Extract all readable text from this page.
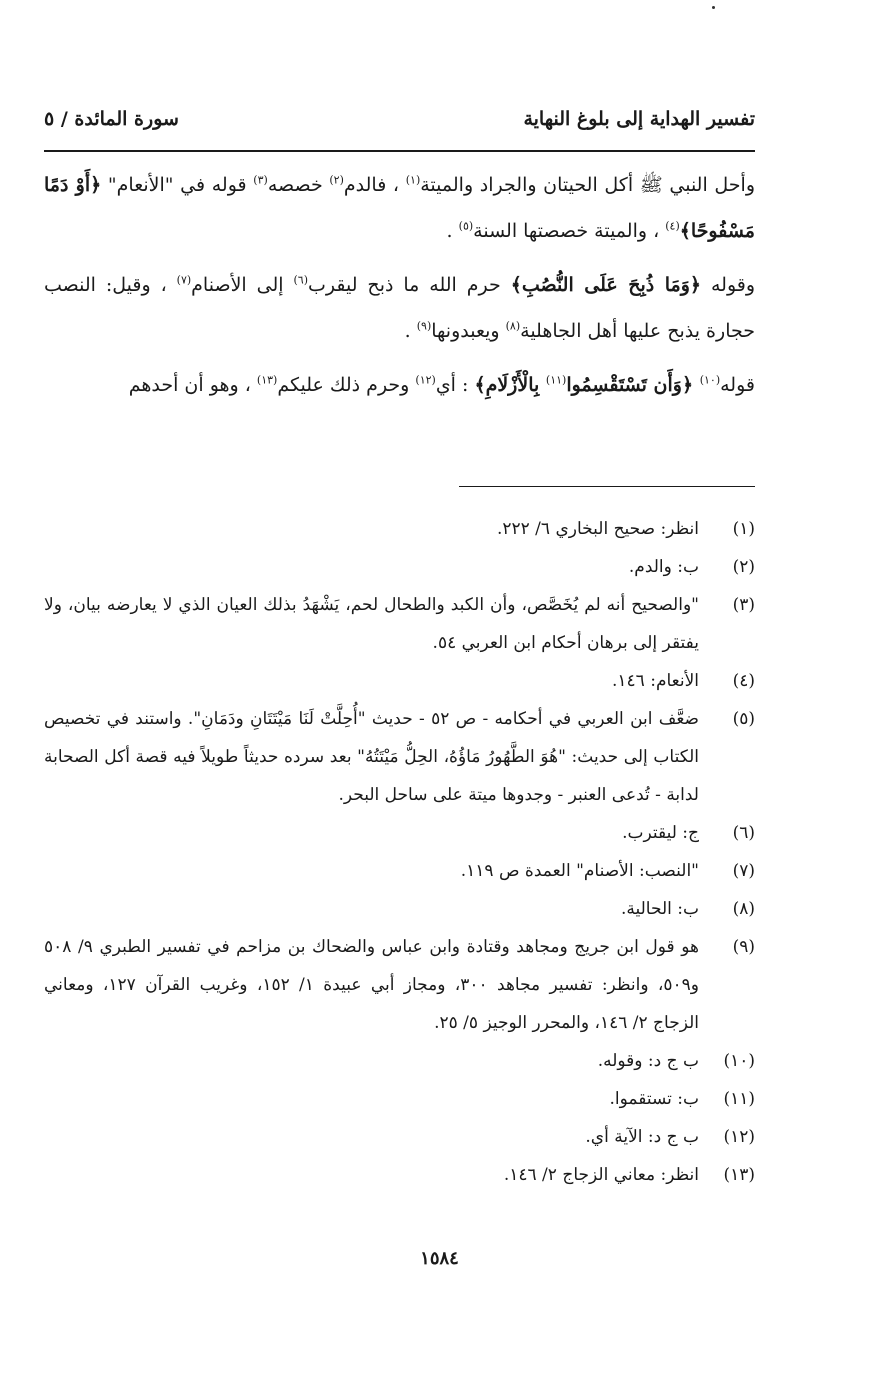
تفسير الهداية إلى بلوغ النهاية
سورة المائدة / ٥

وأحل النبي ﷺ أكل الحيتان والجراد والميتة$^{(١)}$ ، فالدم$^{(٢)}$ خصصه$^{(٣)}$ قوله في "الأنعام" ﴿أَوْ دَمًا مَسْفُوحًا﴾$^{(٤)}$ ، والميتة خصصتها السنة$^{(٥)}$ .

وقوله ﴿وَمَا ذُبِحَ عَلَى النُّصُبِ﴾ حرم الله ما ذبح ليقرب$^{(٦)}$ إلى الأصنام$^{(٧)}$ ، وقيل: النصب حجارة يذبح عليها أهل الجاهلية$^{(٨)}$ ويعبدونها$^{(٩)}$ .

قوله$^{(١٠)}$ ﴿وَأَن تَسْتَقْسِمُوا$^{(١١)}$ بِالْأَزْلَامِ﴾ : أي$^{(١٢)}$ وحرم ذلك عليكم$^{(١٣)}$ ، وهو أن أحدهم

(١)
انظر: صحيح البخاري ٦/ ٢٢٢.
(٢)
ب: والدم.
(٣)
"والصحيح أنه لم يُخَصَّص، وأن الكبد والطحال لحم، يَشْهَدُ بذلك العيان الذي لا يعارضه بيان، ولا يفتقر إلى برهان أحكام ابن العربي ٥٤.
(٤)
الأنعام: ١٤٦.
(٥)
ضعَّف ابن العربي في أحكامه - ص ٥٢ - حديث "أُحِلَّتْ لَنَا مَيْتَتَانِ ودَمَانِ". واستند في تخصيص الكتاب إلى حديث: "هُوَ الطَّهُورُ مَاؤُهُ، الحِلُّ مَيْتَتُهُ" بعد سرده حديثاً طويلاً فيه قصة أكل الصحابة لدابة - تُدعى العنبر - وجدوها ميتة على ساحل البحر.
(٦)
ج: ليقترب.
(٧)
"النصب: الأصنام" العمدة ص ١١٩.
(٨)
ب: الحالية.
(٩)
هو قول ابن جريج ومجاهد وقتادة وابن عباس والضحاك بن مزاحم في تفسير الطبري ٩/ ٥٠٨ و٥٠٩، وانظر: تفسير مجاهد ٣٠٠، ومجاز أبي عبيدة ١/ ١٥٢، وغريب القرآن ١٢٧، ومعاني الزجاج ٢/ ١٤٦، والمحرر الوجيز ٥/ ٢٥.
(١٠)
ب ج د: وقوله.
(١١)
ب: تستقموا.
(١٢)
ب ج د: الآية أي.
(١٣)
انظر: معاني الزجاج ٢/ ١٤٦.
١٥٨٤
